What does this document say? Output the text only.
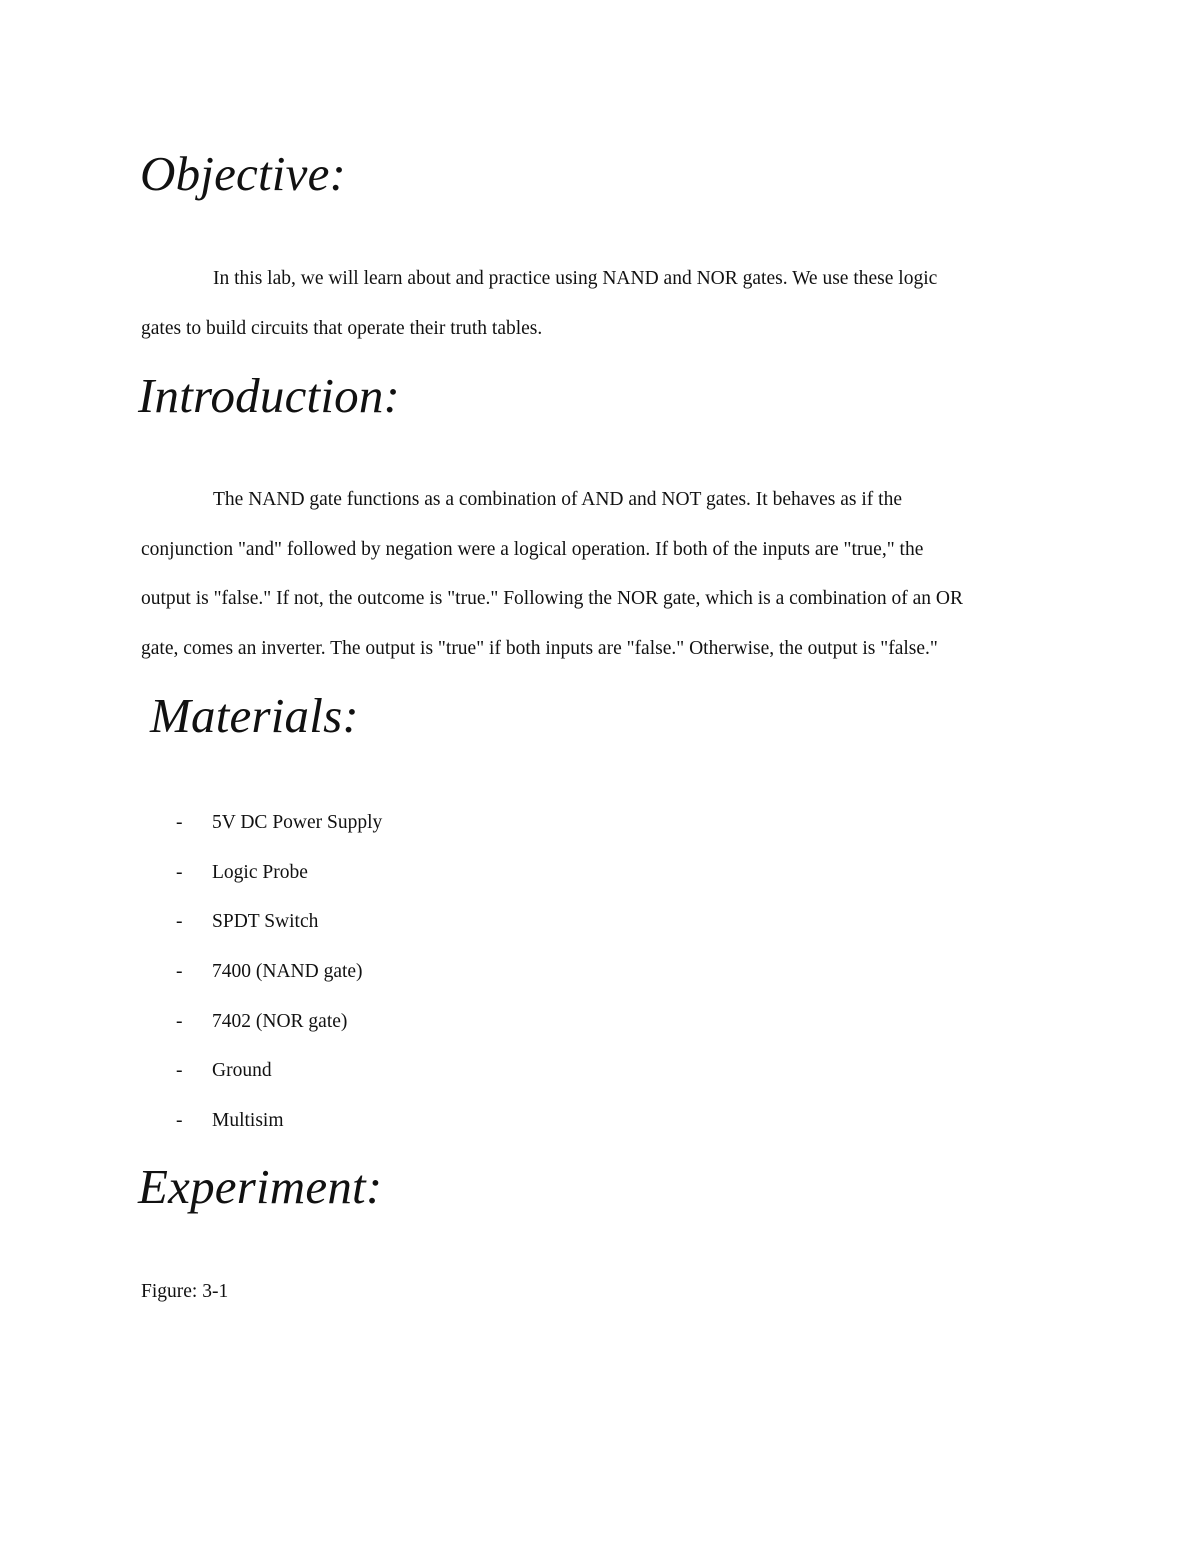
Objective:
In this lab, we will learn about and practice using NAND and NOR gates. We use these logic
gates to build circuits that operate their truth tables.
Introduction:
The NAND gate functions as a combination of AND and NOT gates. It behaves as if the
conjunction "and" followed by negation were a logical operation. If both of the inputs are "true," the
output is "false." If not, the outcome is "true." Following the NOR gate, which is a combination of an OR
gate, comes an inverter. The output is "true" if both inputs are "false." Otherwise, the output is "false."
Materials:
- 5V DC Power Supply
- Logic Probe
- SPDT Switch
- 7400 (NAND gate)
- 7402 (NOR gate)
- Ground
- Multisim
Experiment:

Figure: 3-1
